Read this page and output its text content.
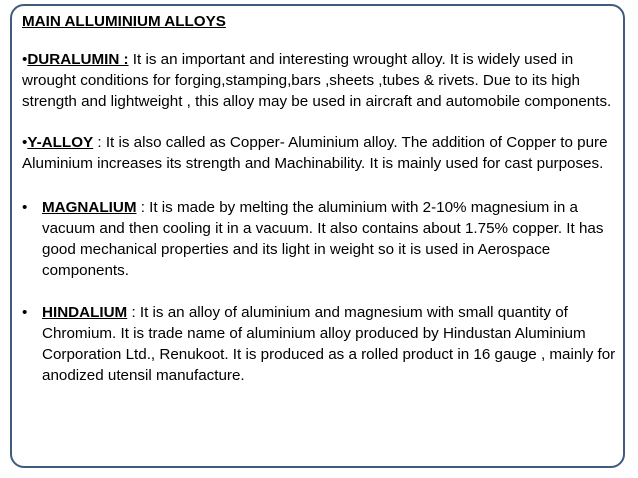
MAIN ALLUMINIUM ALLOYS

•DURALUMIN : It is an important and interesting wrought alloy. It is widely used in wrought conditions for forging,stamping,bars ,sheets ,tubes & rivets. Due to its high strength and lightweight , this alloy may be used in aircraft and automobile components.

•Y-ALLOY : It is also called as Copper- Aluminium alloy. The addition of Copper to pure Aluminium increases its strength and Machinability. It is mainly used for cast purposes.

• MAGNALIUM : It is made by melting the aluminium with 2-10% magnesium in a vacuum and then cooling it in a vacuum. It also contains about 1.75% copper. It has good mechanical properties and its light in weight so it is used in Aerospace components.

• HINDALIUM : It is an alloy of aluminium and magnesium with small quantity of Chromium. It is trade name of aluminium alloy produced by Hindustan Aluminium Corporation Ltd., Renukoot. It is produced as a rolled product in 16 gauge , mainly for anodized utensil manufacture.
